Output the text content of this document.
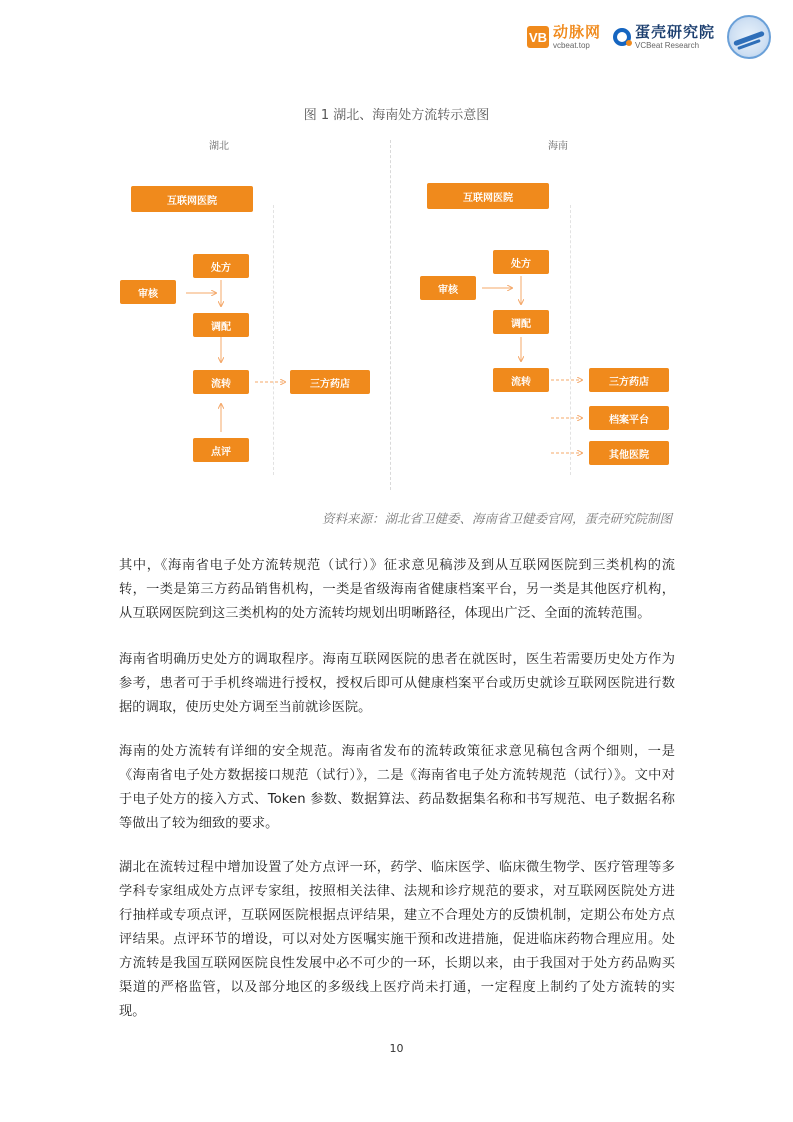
VB 动脉网
vcbeat.top
蛋壳研究院
VCBeat Research
图 1 湖北、海南处方流转示意图
湖北	海南
互联网医院
处方
审核
调配
流转	三方药店
点评
互联网医院
处方
审核
调配
流转	三方药店
档案平台
其他医院
资料来源：湖北省卫健委、海南省卫健委官网，蛋壳研究院制图

其中，《海南省电子处方流转规范（试行）》征求意见稿涉及到从互联网医院到三类机构的流转，一类是第三方药品销售机构，一类是省级海南省健康档案平台，另一类是其他医疗机构，从互联网医院到这三类机构的处方流转均规划出明晰路径，体现出广泛、全面的流转范围。

海南省明确历史处方的调取程序。海南互联网医院的患者在就医时，医生若需要历史处方作为参考，患者可于手机终端进行授权，授权后即可从健康档案平台或历史就诊互联网医院进行数据的调取，使历史处方调至当前就诊医院。

海南的处方流转有详细的安全规范。海南省发布的流转政策征求意见稿包含两个细则，一是《海南省电子处方数据接口规范（试行）》，二是《海南省电子处方流转规范（试行）》。文中对于电子处方的接入方式、Token 参数、数据算法、药品数据集名称和书写规范、电子数据名称等做出了较为细致的要求。

湖北在流转过程中增加设置了处方点评一环，药学、临床医学、临床微生物学、医疗管理等多学科专家组成处方点评专家组，按照相关法律、法规和诊疗规范的要求，对互联网医院处方进行抽样或专项点评，互联网医院根据点评结果，建立不合理处方的反馈机制，定期公布处方点评结果。点评环节的增设，可以对处方医嘱实施干预和改进措施，促进临床药物合理应用。处方流转是我国互联网医院良性发展中必不可少的一环，长期以来，由于我国对于处方药品购买渠道的严格监管，以及部分地区的多级线上医疗尚未打通，一定程度上制约了处方流转的实现。

10
